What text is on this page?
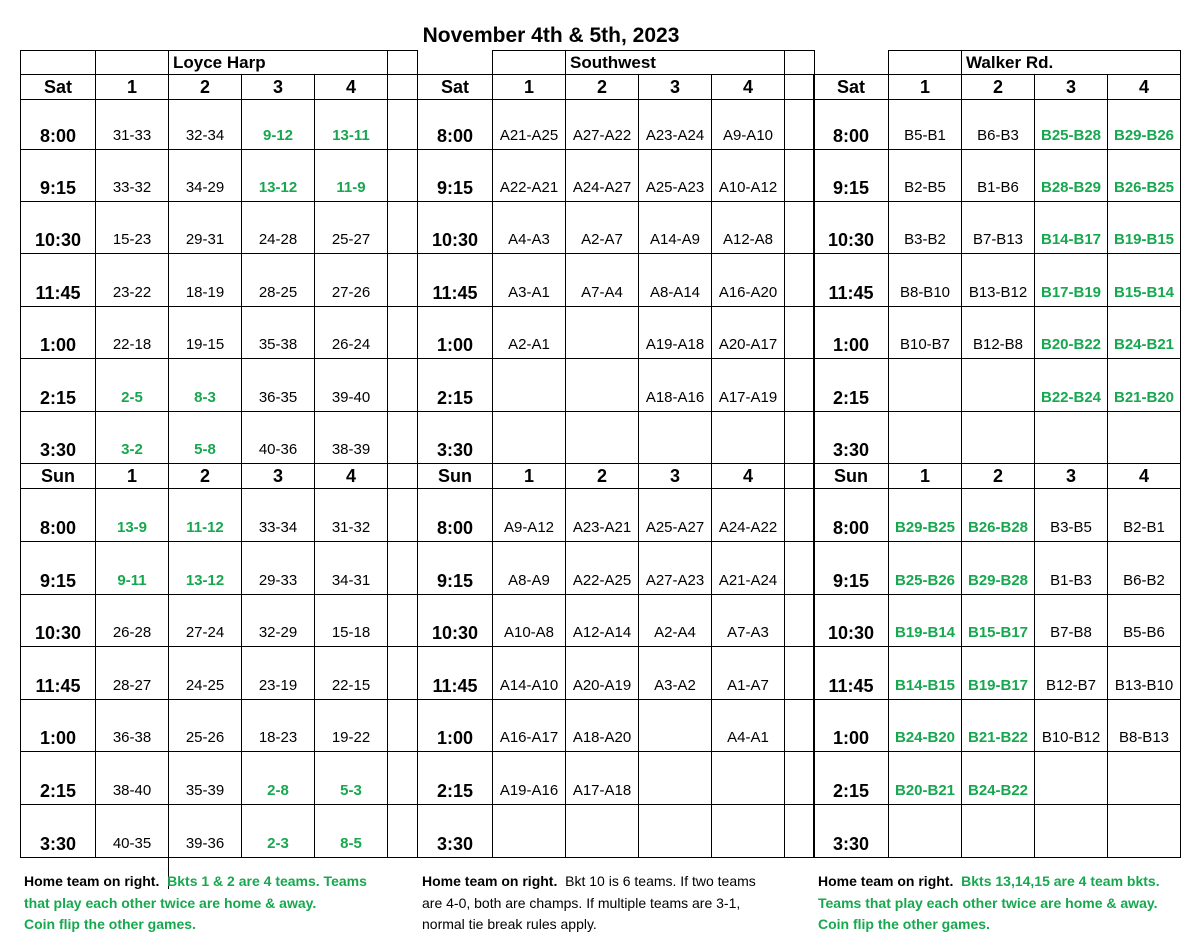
November 4th & 5th, 2023
		Loyce Harp			
Sat	1	2	3	4	
8:00	31-33	32-34	9-12	13-11	
9:15	33-32	34-29	13-12	11-9	
10:30	15-23	29-31	24-28	25-27	
11:45	23-22	18-19	28-25	27-26	
1:00	22-18	19-15	35-38	26-24	
2:15	2-5	8-3	36-35	39-40	
3:30	3-2	5-8	40-36	38-39	
Sun	1	2	3	4	
8:00	13-9	11-12	33-34	31-32	
9:15	9-11	13-12	29-33	34-31	
10:30	26-28	27-24	32-29	15-18	
11:45	28-27	24-25	23-19	22-15	
1:00	36-38	25-26	18-23	19-22	
2:15	38-40	35-39	2-8	5-3	
3:30	40-35	39-36	2-3	8-5	
		Southwest			
Sat	1	2	3	4	
8:00	A21-A25	A27-A22	A23-A24	A9-A10	
9:15	A22-A21	A24-A27	A25-A23	A10-A12	
10:30	A4-A3	A2-A7	A14-A9	A12-A8	
11:45	A3-A1	A7-A4	A8-A14	A16-A20	
1:00	A2-A1		A19-A18	A20-A17	
2:15			A18-A16	A17-A19	
3:30					
Sun	1	2	3	4	
8:00	A9-A12	A23-A21	A25-A27	A24-A22	
9:15	A8-A9	A22-A25	A27-A23	A21-A24	
10:30	A10-A8	A12-A14	A2-A4	A7-A3	
11:45	A14-A10	A20-A19	A3-A2	A1-A7	
1:00	A16-A17	A18-A20		A4-A1	
2:15	A19-A16	A17-A18			
3:30					
		Walker Rd.		
Sat	1	2	3	4
8:00	B5-B1	B6-B3	B25-B28	B29-B26
9:15	B2-B5	B1-B6	B28-B29	B26-B25
10:30	B3-B2	B7-B13	B14-B17	B19-B15
11:45	B8-B10	B13-B12	B17-B19	B15-B14
1:00	B10-B7	B12-B8	B20-B22	B24-B21
2:15			B22-B24	B21-B20
3:30				
Sun	1	2	3	4
8:00	B29-B25	B26-B28	B3-B5	B2-B1
9:15	B25-B26	B29-B28	B1-B3	B6-B2
10:30	B19-B14	B15-B17	B7-B8	B5-B6
11:45	B14-B15	B19-B17	B12-B7	B13-B10
1:00	B24-B20	B21-B22	B10-B12	B8-B13
2:15	B20-B21	B24-B22		
3:30				
Home team on right. Bkts 1 & 2 are 4 teams. Teams
that play each other twice are home & away.
Coin flip the other games.
Home team on right. Bkt 10 is 6 teams. If two teams
are 4-0, both are champs. If multiple teams are 3-1,
normal tie break rules apply.
Home team on right. Bkts 13,14,15 are 4 team bkts.
Teams that play each other twice are home & away.
Coin flip the other games.
